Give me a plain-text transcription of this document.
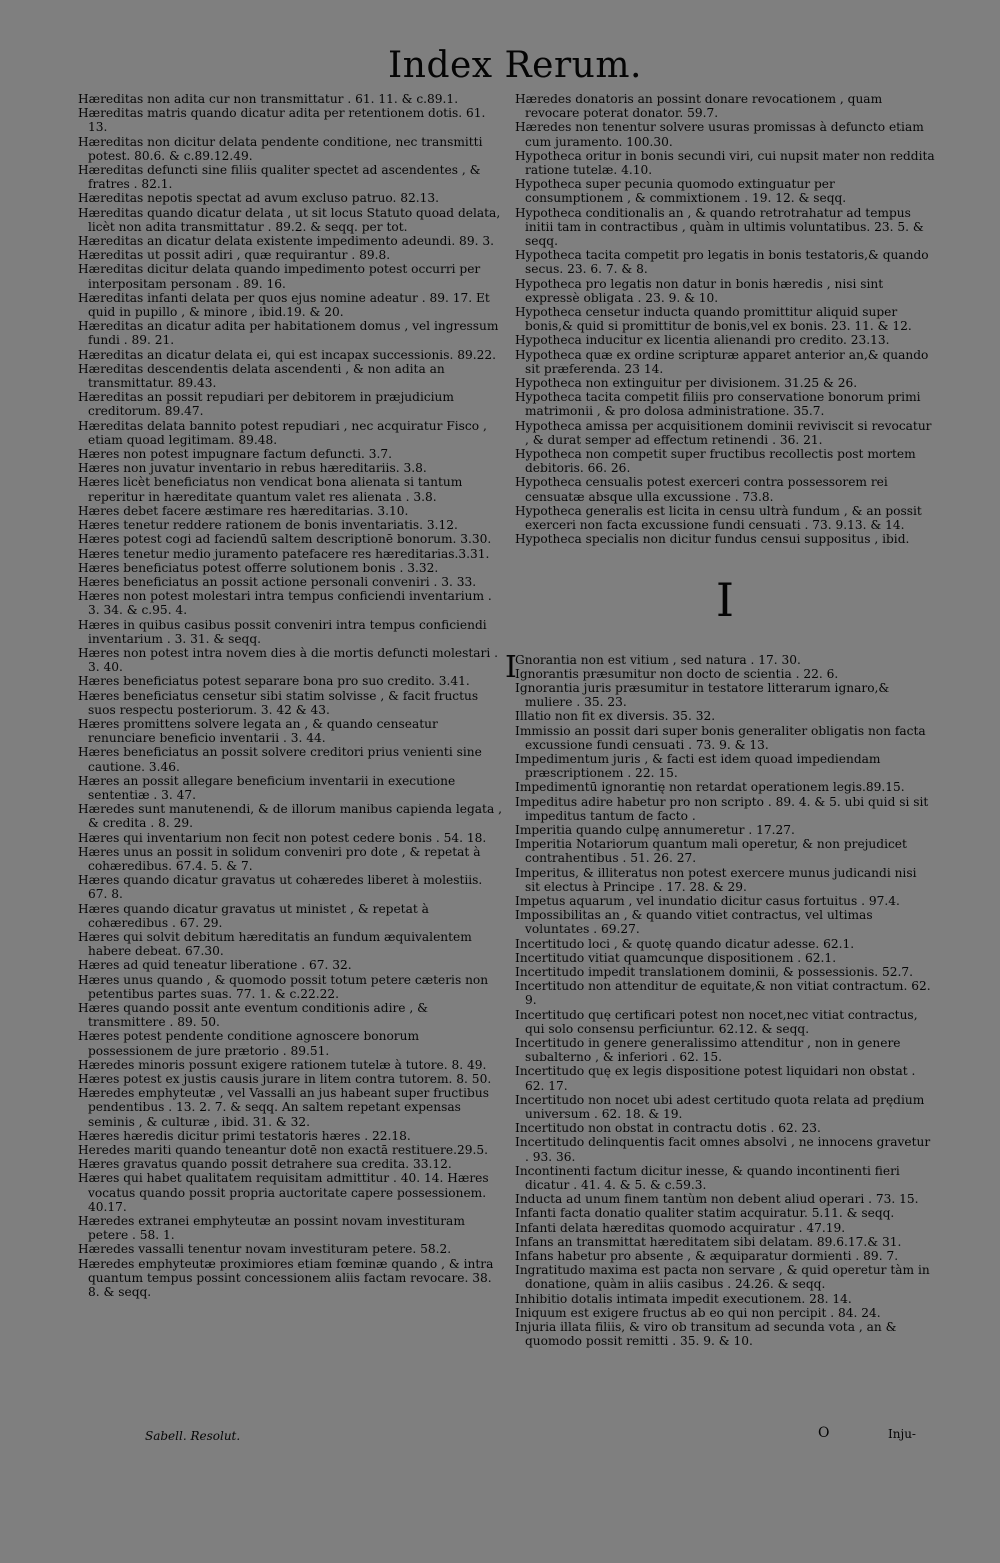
Index Rerum.

Hæreditas non adita cur non transmittatur . 61. 11. & c.89.1.

Hæreditas matris quando dicatur adita per retentionem dotis. 61. 13.

Hæreditas non dicitur delata pendente conditione, nec transmitti potest. 80.6. & c.89.12.49.

Hæreditas defuncti sine filiis qualiter spectet ad ascendentes , & fratres . 82.1.

Hæreditas nepotis spectat ad avum excluso patruo. 82.13.

Hæreditas quando dicatur delata , ut sit locus Statuto quoad delata, licèt non adita transmittatur . 89.2. & seqq. per tot.

Hæreditas an dicatur delata existente impedimento adeundi. 89. 3.

Hæreditas ut possit adiri , quæ requirantur . 89.8.

Hæreditas dicitur delata quando impedimento potest occurri per interpositam personam . 89. 16.

Hæreditas infanti delata per quos ejus nomine adeatur . 89. 17. Et quid in pupillo , & minore , ibid.19. & 20.

Hæreditas an dicatur adita per habitationem domus , vel ingressum fundi . 89. 21.

Hæreditas an dicatur delata ei, qui est incapax successionis. 89.22.

Hæreditas descendentis delata ascendenti , & non adita an transmittatur. 89.43.

Hæreditas an possit repudiari per debitorem in præjudicium creditorum. 89.47.

Hæreditas delata bannito potest repudiari , nec acquiratur Fisco , etiam quoad legitimam. 89.48.

Hæres non potest impugnare factum defuncti. 3.7.

Hæres non juvatur inventario in rebus hæreditariis. 3.8.

Hæres licèt beneficiatus non vendicat bona alienata si tantum reperitur in hæreditate quantum valet res alienata . 3.8.

Hæres debet facere æstimare res hæreditarias. 3.10.

Hæres tenetur reddere rationem de bonis inventariatis. 3.12.

Hæres potest cogi ad faciendū saltem descriptionē bonorum. 3.30.

Hæres tenetur medio juramento patefacere res hæreditarias.3.31.

Hæres beneficiatus potest offerre solutionem bonis . 3.32.

Hæres beneficiatus an possit actione personali conveniri . 3. 33.

Hæres non potest molestari intra tempus conficiendi inventarium . 3. 34. & c.95. 4.

Hæres in quibus casibus possit conveniri intra tempus conficiendi inventarium . 3. 31. & seqq.

Hæres non potest intra novem dies à die mortis defuncti molestari . 3. 40.

Hæres beneficiatus potest separare bona pro suo credito. 3.41.

Hæres beneficiatus censetur sibi statim solvisse , & facit fructus suos respectu posteriorum. 3. 42 & 43.

Hæres promittens solvere legata an , & quando censeatur renunciare beneficio inventarii . 3. 44.

Hæres beneficiatus an possit solvere creditori prius venienti sine cautione. 3.46.

Hæres an possit allegare beneficium inventarii in executione sententiæ . 3. 47.

Hæredes sunt manutenendi, & de illorum manibus capienda legata , & credita . 8. 29.

Hæres qui inventarium non fecit non potest cedere bonis . 54. 18.

Hæres unus an possit in solidum conveniri pro dote , & repetat à cohæredibus. 67.4. 5. & 7.

Hæres quando dicatur gravatus ut cohæredes liberet à molestiis. 67. 8.

Hæres quando dicatur gravatus ut ministet , & repetat à cohæredibus . 67. 29.

Hæres qui solvit debitum hæreditatis an fundum æquivalentem habere debeat. 67.30.

Hæres ad quid teneatur liberatione . 67. 32.

Hæres unus quando , & quomodo possit totum petere cæteris non petentibus partes suas. 77. 1. & c.22.22.

Hæres quando possit ante eventum conditionis adire , & transmittere . 89. 50.

Hæres potest pendente conditione agnoscere bonorum possessionem de jure prætorio . 89.51.

Hæredes minoris possunt exigere rationem tutelæ à tutore. 8. 49.

Hæres potest ex justis causis jurare in litem contra tutorem. 8. 50.

Hæredes emphyteutæ , vel Vassalli an jus habeant super fructibus pendentibus . 13. 2. 7. & seqq. An saltem repetant expensas seminis , & culturæ , ibid. 31. & 32.

Hæres hæredis dicitur primi testatoris hæres . 22.18.

Heredes mariti quando teneantur dotē non exactā restituere.29.5.

Hæres gravatus quando possit detrahere sua credita. 33.12.

Hæres qui habet qualitatem requisitam admittitur . 40. 14. Hæres vocatus quando possit propria auctoritate capere possessionem. 40.17.

Hæredes extranei emphyteutæ an possint novam investituram petere . 58. 1.

Hæredes vassalli tenentur novam investituram petere. 58.2.

Hæredes emphyteutæ proximiores etiam fœminæ quando , & intra quantum tempus possint concessionem aliis factam revocare. 38. 8. & seqq.

Hæredes donatoris an possint donare revocationem , quam revocare poterat donator. 59.7.

Hæredes non tenentur solvere usuras promissas à defuncto etiam cum juramento. 100.30.

Hypotheca oritur in bonis secundi viri, cui nupsit mater non reddita ratione tutelæ. 4.10.

Hypotheca super pecunia quomodo extinguatur per consumptionem , & commixtionem . 19. 12. & seqq.

Hypotheca conditionalis an , & quando retrotrahatur ad tempus initii tam in contractibus , quàm in ultimis voluntatibus. 23. 5. & seqq.

Hypotheca tacita competit pro legatis in bonis testatoris,& quando secus. 23. 6. 7. & 8.

Hypotheca pro legatis non datur in bonis hæredis , nisi sint expressè obligata . 23. 9. & 10.

Hypotheca censetur inducta quando promittitur aliquid super bonis,& quid si promittitur de bonis,vel ex bonis. 23. 11. & 12.

Hypotheca inducitur ex licentia alienandi pro credito. 23.13.

Hypotheca quæ ex ordine scripturæ apparet anterior an,& quando sit præferenda. 23 14.

Hypotheca non extinguitur per divisionem. 31.25 & 26.

Hypotheca tacita competit filiis pro conservatione bonorum primi matrimonii , & pro dolosa administratione. 35.7.

Hypotheca amissa per acquisitionem dominii reviviscit si revocatur , & durat semper ad effectum retinendi . 36. 21.

Hypotheca non competit super fructibus recollectis post mortem debitoris. 66. 26.

Hypotheca censualis potest exerceri contra possessorem rei censuatæ absque ulla excussione . 73.8.

Hypotheca generalis est licita in censu ultrà fundum , & an possit exerceri non facta excussione fundi censuati . 73. 9.13. & 14.

Hypotheca specialis non dicitur fundus censui suppositus , ibid.

I

I
Gnorantia non est vitium , sed natura . 17. 30.

Ignorantis præsumitur non docto de scientia . 22. 6.

Ignorantia juris præsumitur in testatore litterarum ignaro,& muliere . 35. 23.

Illatio non fit ex diversis. 35. 32.

Immissio an possit dari super bonis generaliter obligatis non facta excussione fundi censuati . 73. 9. & 13.

Impedimentum juris , & facti est idem quoad impediendam præscriptionem . 22. 15.

Impedimentū ignorantię non retardat operationem legis.89.15.

Impeditus adire habetur pro non scripto . 89. 4. & 5. ubi quid si sit impeditus tantum de facto .

Imperitia quando culpę annumeretur . 17.27.

Imperitia Notariorum quantum mali operetur, & non prejudicet contrahentibus . 51. 26. 27.

Imperitus, & illiteratus non potest exercere munus judicandi nisi sit electus à Principe . 17. 28. & 29.

Impetus aquarum , vel inundatio dicitur casus fortuitus . 97.4.

Impossibilitas an , & quando vitiet contractus, vel ultimas voluntates . 69.27.

Incertitudo loci , & quotę quando dicatur adesse. 62.1.

Incertitudo vitiat quamcunque dispositionem . 62.1.

Incertitudo impedit translationem dominii, & possessionis. 52.7.

Incertitudo non attenditur de equitate,& non vitiat contractum. 62. 9.

Incertitudo quę certificari potest non nocet,nec vitiat contractus, qui solo consensu perficiuntur. 62.12. & seqq.

Incertitudo in genere generalissimo attenditur , non in genere subalterno , & inferiori . 62. 15.

Incertitudo quę ex legis dispositione potest liquidari non obstat . 62. 17.

Incertitudo non nocet ubi adest certitudo quota relata ad prędium universum . 62. 18. & 19.

Incertitudo non obstat in contractu dotis . 62. 23.

Incertitudo delinquentis facit omnes absolvi , ne innocens gravetur . 93. 36.

Incontinenti factum dicitur inesse, & quando incontinenti fieri dicatur . 41. 4. & 5. & c.59.3.

Inducta ad unum finem tantùm non debent aliud operari . 73. 15.

Infanti facta donatio qualiter statim acquiratur. 5.11. & seqq.

Infanti delata hæreditas quomodo acquiratur . 47.19.

Infans an transmittat hæreditatem sibi delatam. 89.6.17.& 31.

Infans habetur pro absente , & æquiparatur dormienti . 89. 7.

Ingratitudo maxima est pacta non servare , & quid operetur tàm in donatione, quàm in aliis casibus . 24.26. & seqq.

Inhibitio dotalis intimata impedit executionem. 28. 14.

Iniquum est exigere fructus ab eo qui non percipit . 84. 24.

Injuria illata filiis, & viro ob transitum ad secunda vota , an & quomodo possit remitti . 35. 9. & 10.

Sabell. Resolut.	O	Inju-
